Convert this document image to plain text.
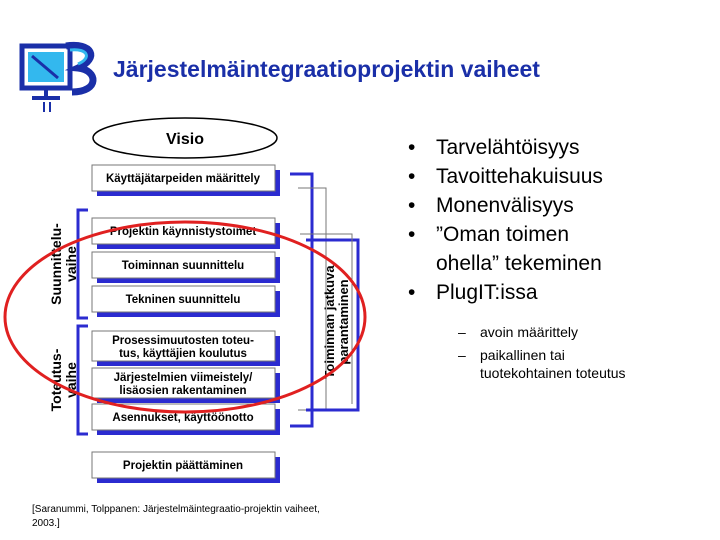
Järjestelmäintegraatioprojektin vaiheet
Visio
Käyttäjätarpeiden määrittely
Projektin käynnistystoimet
Toiminnan suunnittelu
Tekninen suunnittelu
Prosessimuutosten toteu-
tus, käyttäjien koulutus
Järjestelmien viimeistely/
lisäosien rakentaminen
Asennukset, käyttöönotto
Projektin päättäminen
Suunnittelu- vaihe
Toteutus- vaihe
Toiminnan jatkuva parantaminen
• Tarvelähtöisyys
• Tavoittehakuisuus
• Monenvälisyys
• ”Oman toimen
ohella” tekeminen
• PlugIT:issa
– avoin määrittely
– paikallinen tai
tuotekohtainen toteutus
[Saranummi, Tolppanen: Järjestelmäintegraatio-projektin vaiheet, 2003.]
